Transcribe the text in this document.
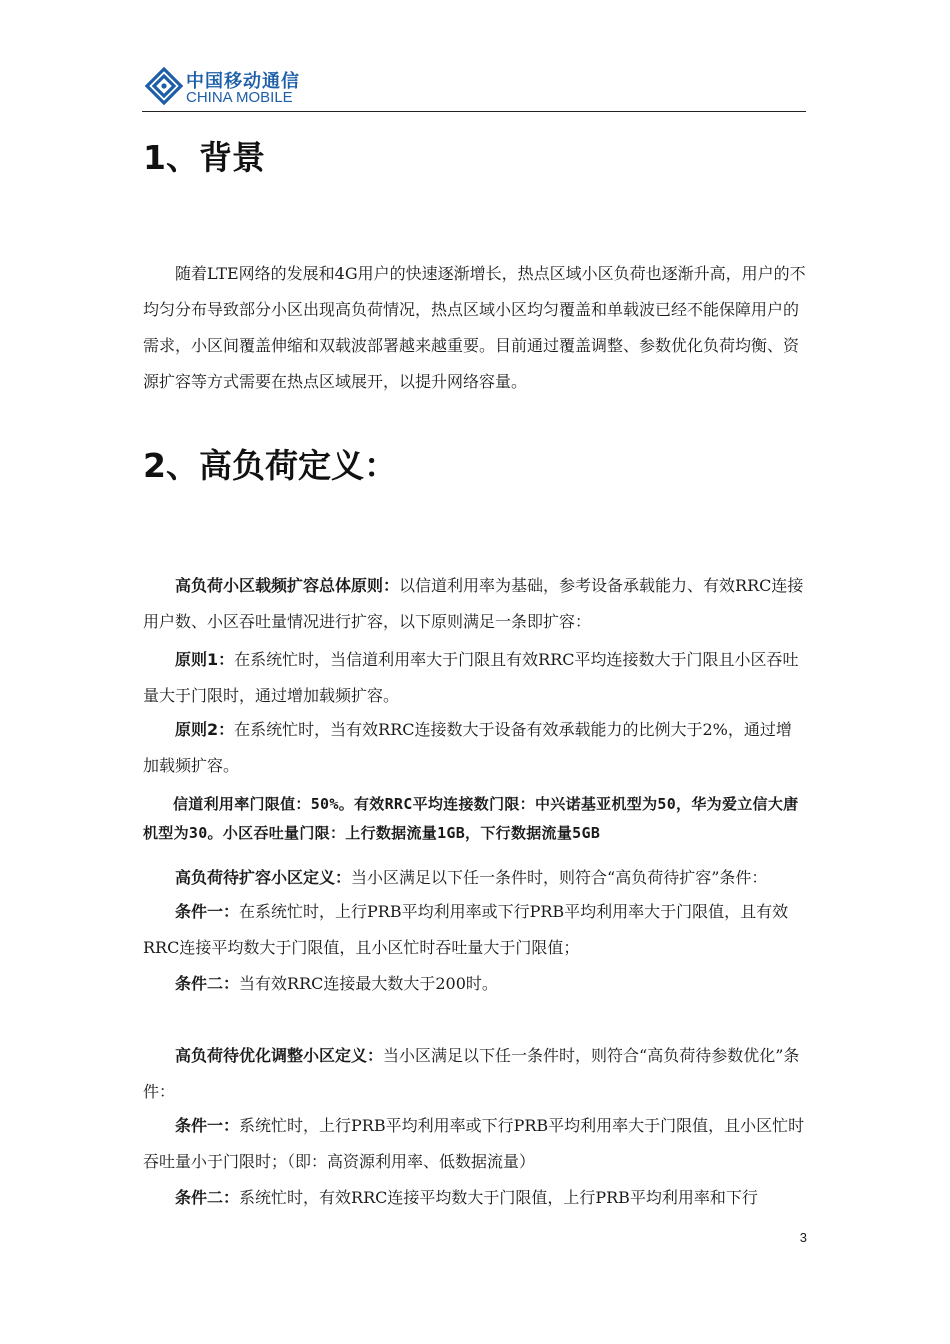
中国移动通信
CHINA MOBILE
1、背景

随着LTE网络的发展和4G用户的快速逐渐增长，热点区域小区负荷也逐渐升高，用户的不均匀分布导致部分小区出现高负荷情况，热点区域小区均匀覆盖和单载波已经不能保障用户的需求，小区间覆盖伸缩和双载波部署越来越重要。目前通过覆盖调整、参数优化负荷均衡、资源扩容等方式需要在热点区域展开，以提升网络容量。

2、高负荷定义：

高负荷小区载频扩容总体原则：以信道利用率为基础，参考设备承载能力、有效RRC连接用户数、小区吞吐量情况进行扩容，以下原则满足一条即扩容：

原则1：在系统忙时，当信道利用率大于门限且有效RRC平均连接数大于门限且小区吞吐量大于门限时，通过增加载频扩容。

原则2：在系统忙时，当有效RRC连接数大于设备有效承载能力的比例大于2%，通过增加载频扩容。

信道利用率门限值：50%。有效RRC平均连接数门限：中兴诺基亚机型为50，华为爱立信大唐机型为30。小区吞吐量门限：上行数据流量1GB，下行数据流量5GB

高负荷待扩容小区定义：当小区满足以下任一条件时，则符合“高负荷待扩容”条件：

条件一：在系统忙时，上行PRB平均利用率或下行PRB平均利用率大于门限值，且有效RRC连接平均数大于门限值，且小区忙时吞吐量大于门限值；

条件二：当有效RRC连接最大数大于200时。

高负荷待优化调整小区定义：当小区满足以下任一条件时，则符合“高负荷待参数优化”条件：

条件一：系统忙时，上行PRB平均利用率或下行PRB平均利用率大于门限值，且小区忙时吞吐量小于门限时；（即：高资源利用率、低数据流量）

条件二：系统忙时，有效RRC连接平均数大于门限值，上行PRB平均利用率和下行

3
